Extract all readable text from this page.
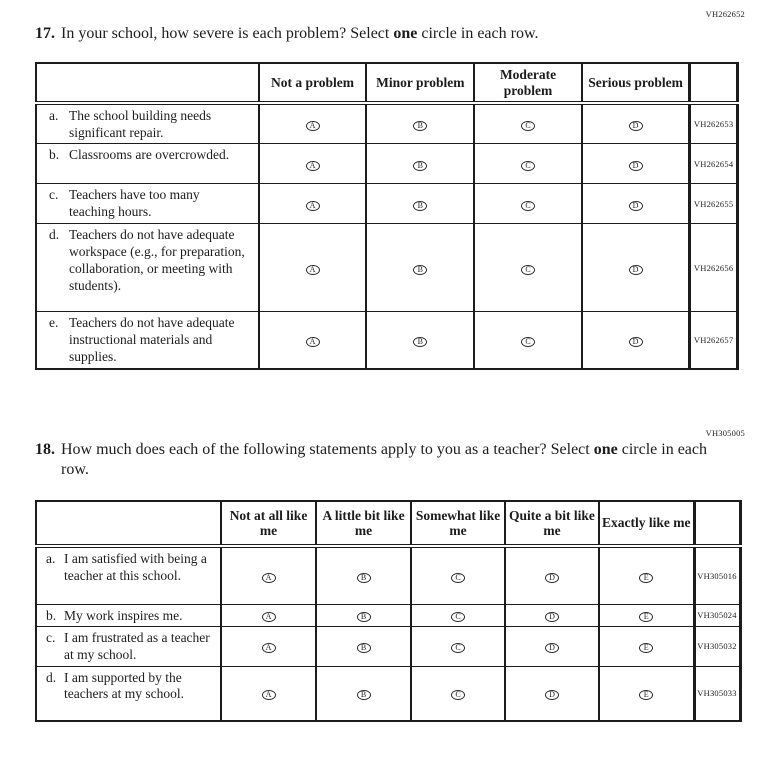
VH262652
17. In your school, how severe is each problem? Select one circle in each row.
	Not a problem	Minor problem	Moderate problem	Serious problem	

a. The school building needs significant repair.	A	B	C	D	VH262653

b. Classrooms are overcrowded.	A	B	C	D	VH262654

c. Teachers have too many teaching hours.	A	B	C	D	VH262655

d. Teachers do not have adequate workspace (e.g., for preparation, collaboration, or meeting with students).	A	B	C	D	VH262656

e. Teachers do not have adequate instructional materials and supplies.	A	B	C	D	VH262657
VH305005
18. How much does each of the following statements apply to you as a teacher? Select one circle in each row.
	Not at all like me	A little bit like me	Somewhat like me	Quite a bit like me	Exactly like me	

a. I am satisfied with being a teacher at this school.	A	B	C	D	E	VH305016

b. My work inspires me.	A	B	C	D	E	VH305024

c. I am frustrated as a teacher at my school.	A	B	C	D	E	VH305032

d. I am supported by the teachers at my school.	A	B	C	D	E	VH305033
